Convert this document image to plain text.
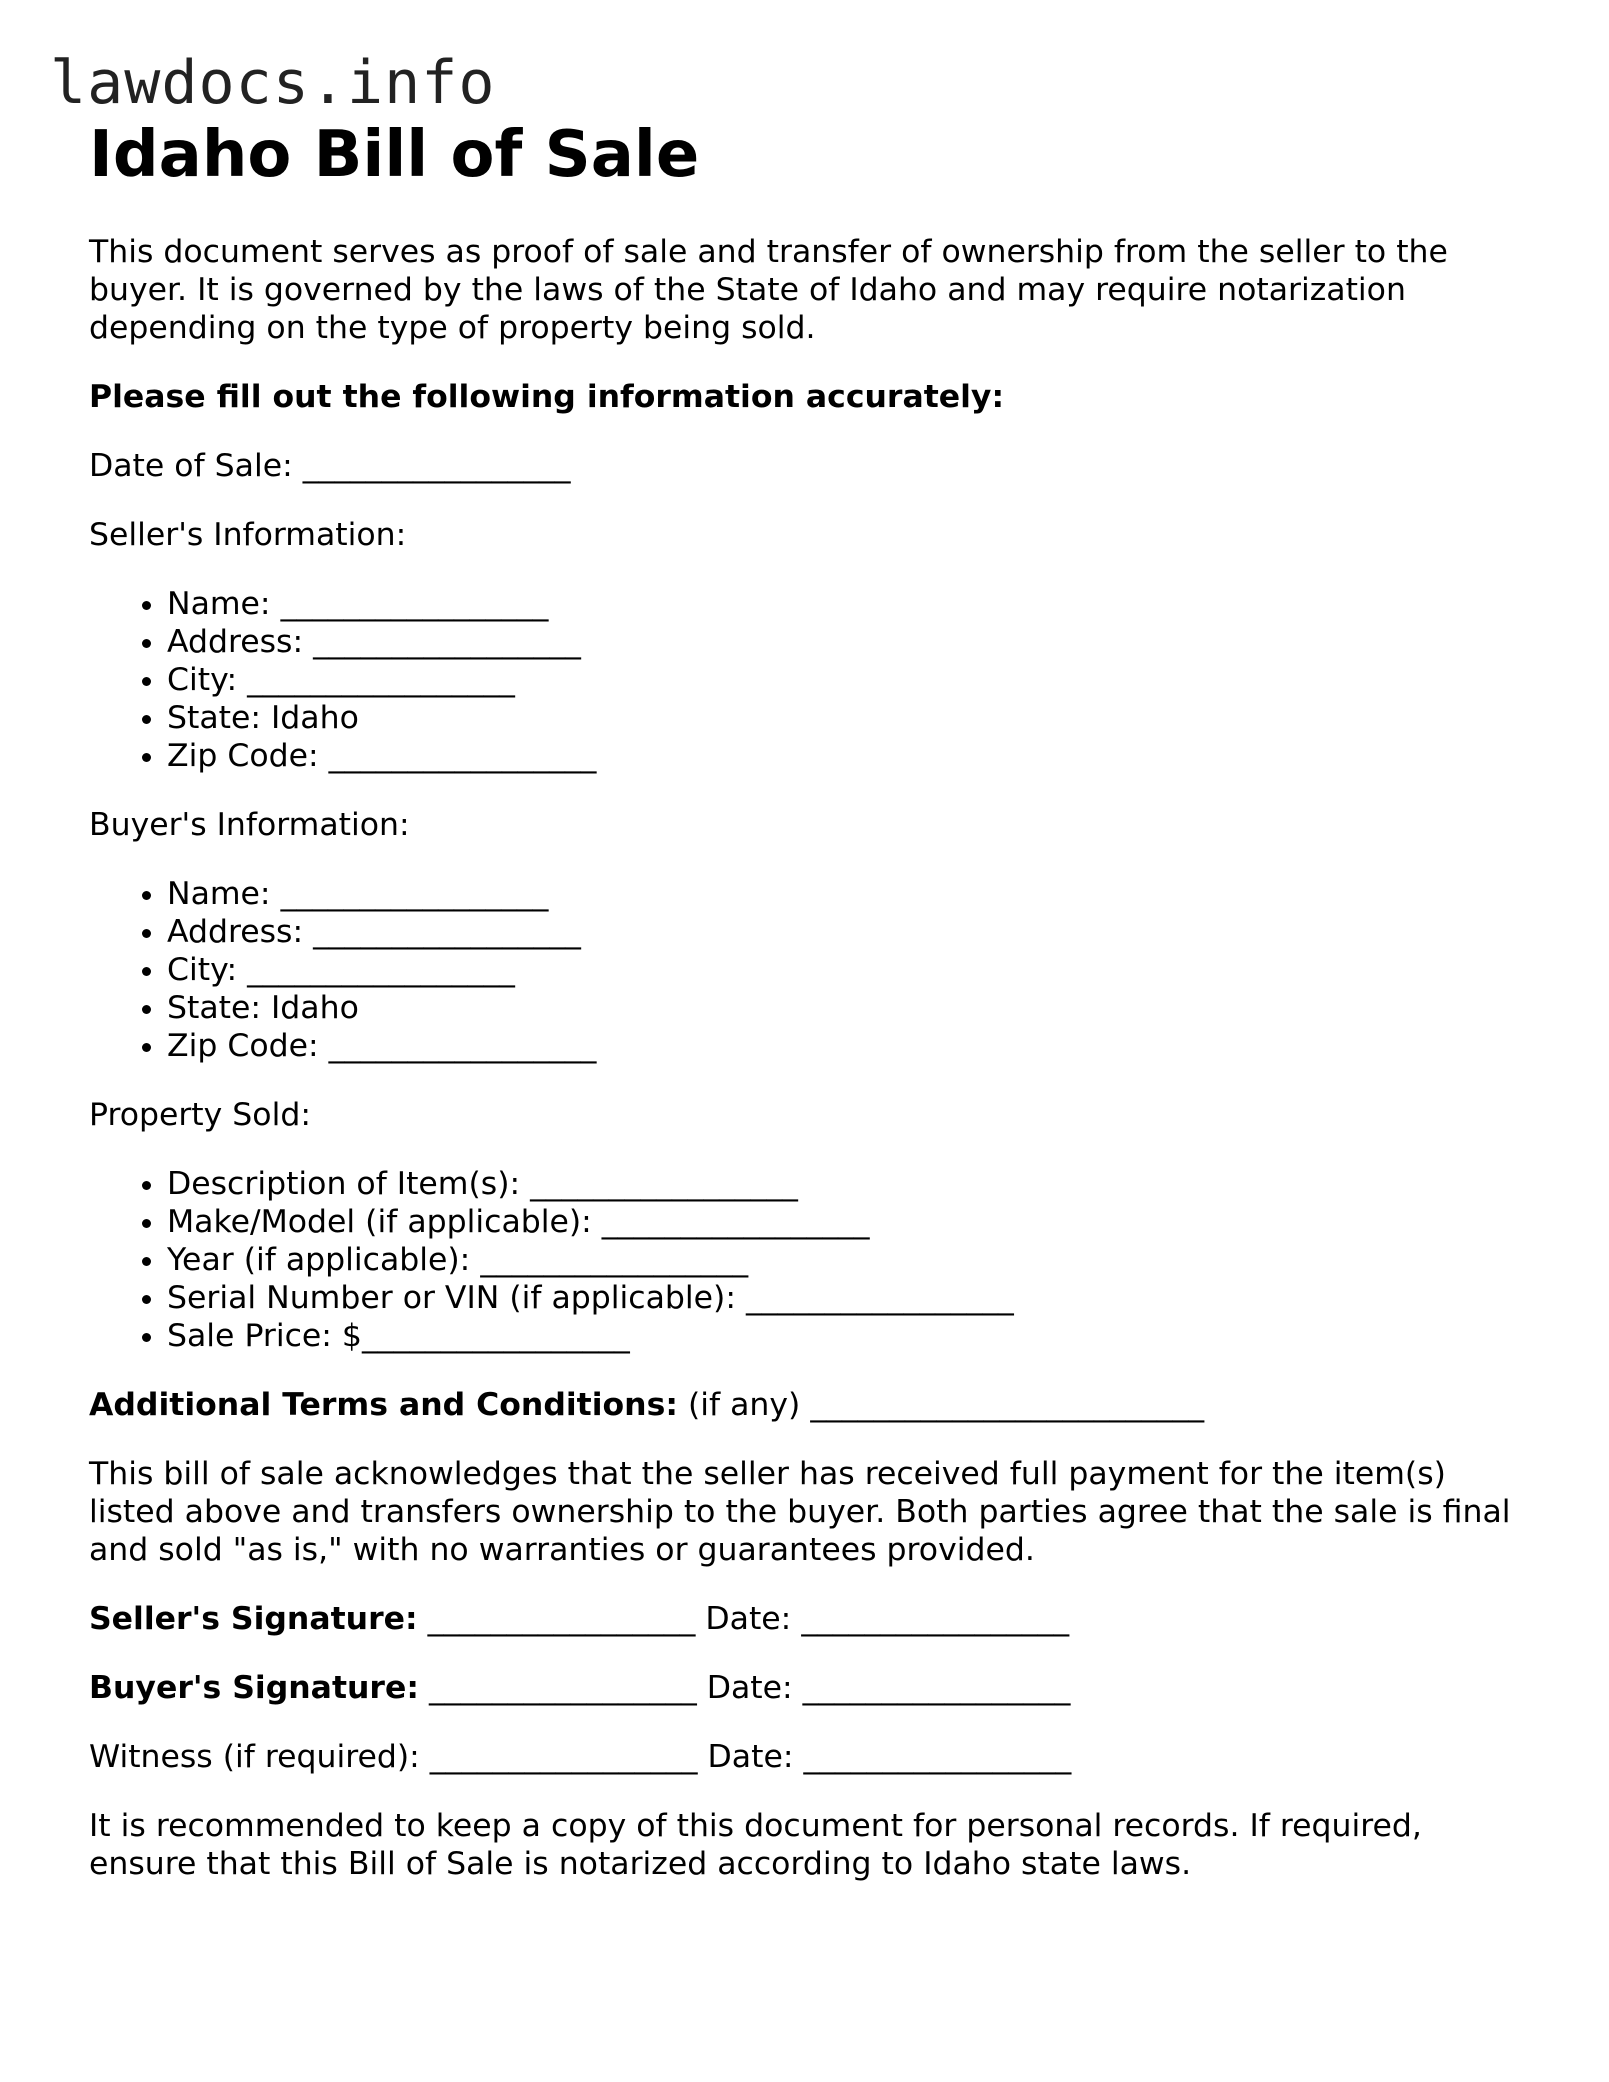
lawdocs.info
Idaho Bill of Sale

This document serves as proof of sale and transfer of ownership from the seller to the buyer. It is governed by the laws of the State of Idaho and may require notarization depending on the type of property being sold.

Please fill out the following information accurately:

Date of Sale: _________________

Seller's Information:

• Name: _________________
• Address: _________________
• City: _________________
• State: Idaho
• Zip Code: _________________

Buyer's Information:

• Name: _________________
• Address: _________________
• City: _________________
• State: Idaho
• Zip Code: _________________

Property Sold:

• Description of Item(s): _________________
• Make/Model (if applicable): _________________
• Year (if applicable): _________________
• Serial Number or VIN (if applicable): _________________
• Sale Price: $_________________

Additional Terms and Conditions: (if any) _________________________

This bill of sale acknowledges that the seller has received full payment for the item(s) listed above and transfers ownership to the buyer. Both parties agree that the sale is final and sold "as is," with no warranties or guarantees provided.

Seller's Signature: _________________ Date: _________________

Buyer's Signature: _________________ Date: _________________

Witness (if required): _________________ Date: _________________

It is recommended to keep a copy of this document for personal records. If required, ensure that this Bill of Sale is notarized according to Idaho state laws.
